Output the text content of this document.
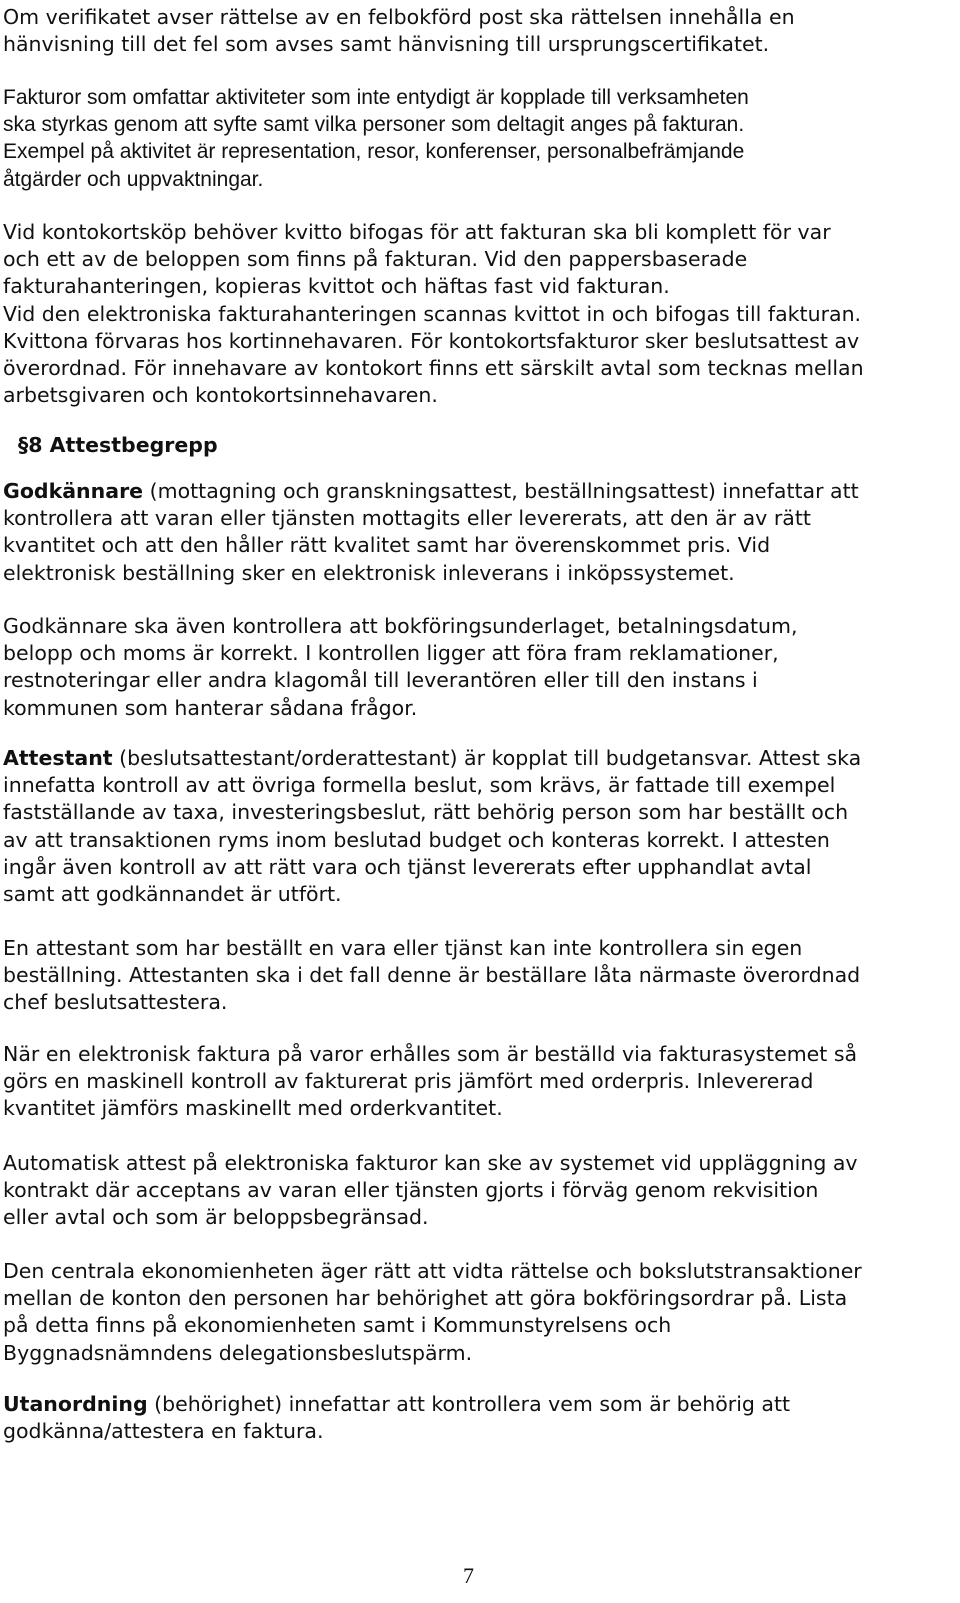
Om verifikatet avser rättelse av en felbokförd post ska rättelsen innehålla en
hänvisning till det fel som avses samt hänvisning till ursprungscertifikatet.

Fakturor som omfattar aktiviteter som inte entydigt är kopplade till verksamheten
ska styrkas genom att syfte samt vilka personer som deltagit anges på fakturan.
Exempel på aktivitet är representation, resor, konferenser, personalbefrämjande
åtgärder och uppvaktningar.

Vid kontokortsköp behöver kvitto bifogas för att fakturan ska bli komplett för var
och ett av de beloppen som finns på fakturan. Vid den pappersbaserade
fakturahanteringen, kopieras kvittot och häftas fast vid fakturan.
Vid den elektroniska fakturahanteringen scannas kvittot in och bifogas till fakturan.
Kvittona förvaras hos kortinnehavaren. För kontokortsfakturor sker beslutsattest av
överordnad. För innehavare av kontokort finns ett särskilt avtal som tecknas mellan
arbetsgivaren och kontokortsinnehavaren.

§8 Attestbegrepp

Godkännare (mottagning och granskningsattest, beställningsattest) innefattar att
kontrollera att varan eller tjänsten mottagits eller levererats, att den är av rätt
kvantitet och att den håller rätt kvalitet samt har överenskommet pris. Vid
elektronisk beställning sker en elektronisk inleverans i inköpssystemet.

Godkännare ska även kontrollera att bokföringsunderlaget, betalningsdatum,
belopp och moms är korrekt. I kontrollen ligger att föra fram reklamationer,
restnoteringar eller andra klagomål till leverantören eller till den instans i
kommunen som hanterar sådana frågor.

Attestant (beslutsattestant/orderattestant) är kopplat till budgetansvar. Attest ska
innefatta kontroll av att övriga formella beslut, som krävs, är fattade till exempel
fastställande av taxa, investeringsbeslut, rätt behörig person som har beställt och
av att transaktionen ryms inom beslutad budget och konteras korrekt. I attesten
ingår även kontroll av att rätt vara och tjänst levererats efter upphandlat avtal
samt att godkännandet är utfört.

En attestant som har beställt en vara eller tjänst kan inte kontrollera sin egen
beställning. Attestanten ska i det fall denne är beställare låta närmaste överordnad
chef beslutsattestera.

När en elektronisk faktura på varor erhålles som är beställd via fakturasystemet så
görs en maskinell kontroll av fakturerat pris jämfört med orderpris. Inlevererad
kvantitet jämförs maskinellt med orderkvantitet.

Automatisk attest på elektroniska fakturor kan ske av systemet vid uppläggning av
kontrakt där acceptans av varan eller tjänsten gjorts i förväg genom rekvisition
eller avtal och som är beloppsbegränsad.

Den centrala ekonomienheten äger rätt att vidta rättelse och bokslutstransaktioner
mellan de konton den personen har behörighet att göra bokföringsordrar på. Lista
på detta finns på ekonomienheten samt i Kommunstyrelsens och
Byggnadsnämndens delegationsbeslutspärm.

Utanordning (behörighet) innefattar att kontrollera vem som är behörig att
godkänna/attestera en faktura.

7
